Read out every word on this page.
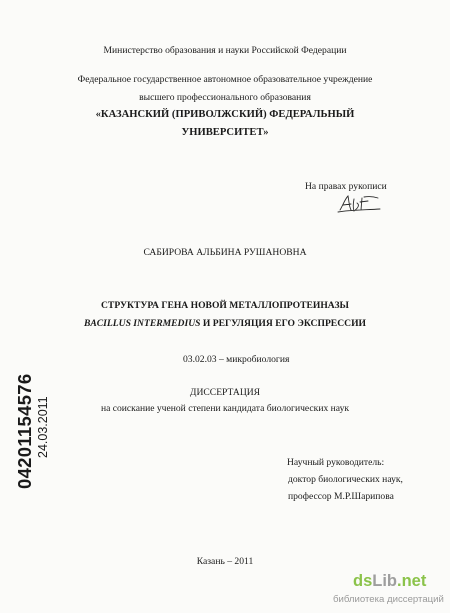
Министерство образования и науки Российской Федерации
Федеральное государственное автономное образовательное учреждение
высшего профессионального образования
«КАЗАНСКИЙ (ПРИВОЛЖСКИЙ) ФЕДЕРАЛЬНЫЙ
УНИВЕРСИТЕТ»
На правах рукописи
САБИРОВА АЛЬБИНА РУШАНОВНА
СТРУКТУРА ГЕНА НОВОЙ МЕТАЛЛОПРОТЕИНАЗЫ
BACILLUS INTERMEDIUS И РЕГУЛЯЦИЯ ЕГО ЭКСПРЕССИИ
03.02.03 – микробиология
ДИССЕРТАЦИЯ
на соискание ученой степени кандидата биологических наук
Научный руководитель:
доктор биологических наук,
профессор М.Р.Шарипова
Казань – 2011
04201154576 24.03.2011
dsLib.net
библиотека диссертаций
